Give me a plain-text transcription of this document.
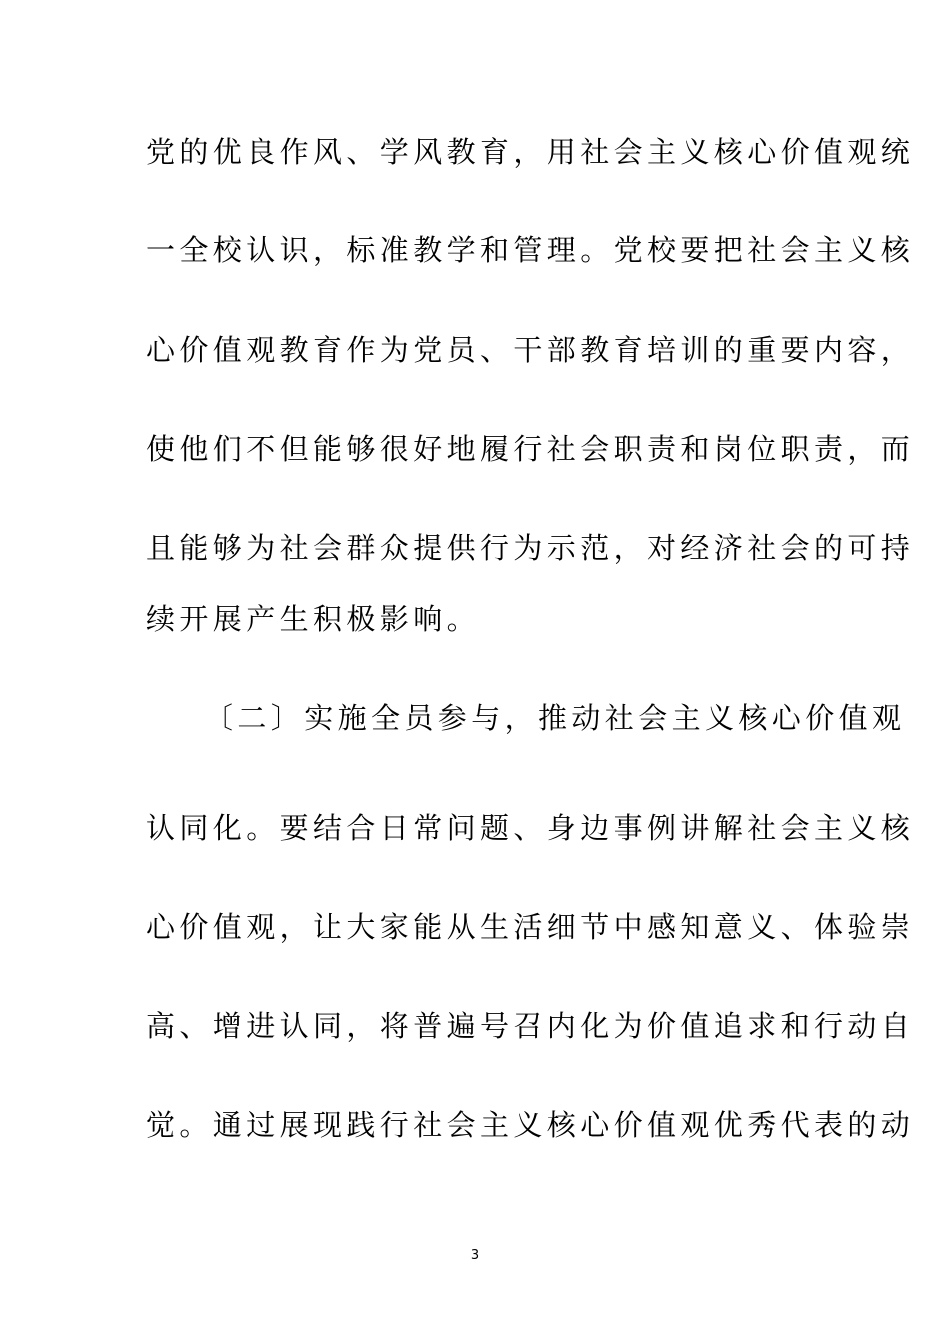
党的优良作风、学风教育，用社会主义核心价值观统
一全校认识，标准教学和管理。党校要把社会主义核
心价值观教育作为党员、干部教育培训的重要内容，
使他们不但能够很好地履行社会职责和岗位职责，而
且能够为社会群众提供行为示范，对经济社会的可持
续开展产生积极影响。
〔二〕实施全员参与，推动社会主义核心价值观
认同化。要结合日常问题、身边事例讲解社会主义核
心价值观，让大家能从生活细节中感知意义、体验崇
高、增进认同，将普遍号召内化为价值追求和行动自
觉。通过展现践行社会主义核心价值观优秀代表的动
3
